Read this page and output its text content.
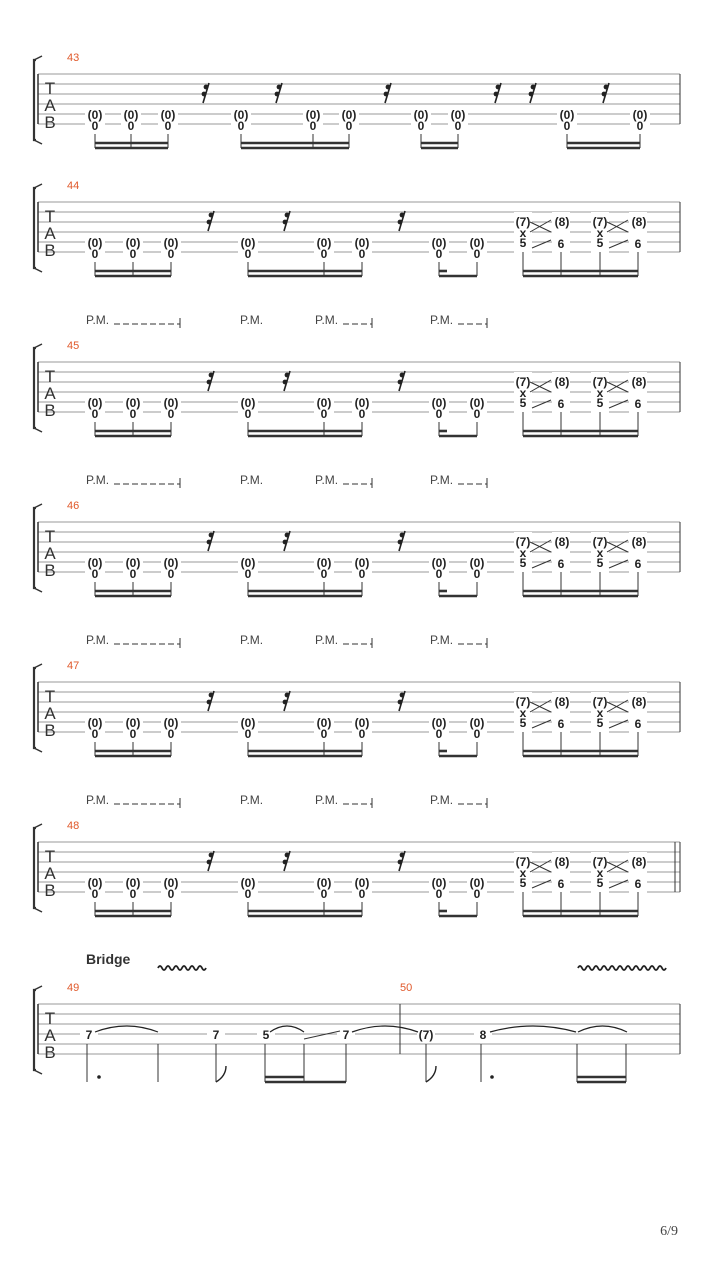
T
A
B
43
(0)
0
(0)
0
(0)
0
(0)
0
(0)
0
(0)
0
(0)
0
(0)
0
(0)
0
(0)
0
T
A
B
44
(0)
0
(0)
0
(0)
0
(0)
0
(0)
0
(0)
0
(0)
0
(0)
0
(7)
x
5
(8)
6
(7)
x
5
(8)
6
T
A
B
45
P.M.	P.M.	P.M.	P.M.
(0)
0
(0)
0
(0)
0
(0)
0
(0)
0
(0)
0
(0)
0
(0)
0
(7)
x
5
(8)
6
(7)
x
5
(8)
6
T
A
B
46
P.M.	P.M.	P.M.	P.M.
(0)
0
(0)
0
(0)
0
(0)
0
(0)
0
(0)
0
(0)
0
(0)
0
(7)
x
5
(8)
6
(7)
x
5
(8)
6
T
A
B
47
P.M.	P.M.	P.M.	P.M.
(0)
0
(0)
0
(0)
0
(0)
0
(0)
0
(0)
0
(0)
0
(0)
0
(7)
x
5
(8)
6
(7)
x
5
(8)
6
T
A
B
48
P.M.	P.M.	P.M.	P.M.
(0)
0
(0)
0
(0)
0
(0)
0
(0)
0
(0)
0
(0)
0
(0)
0
(7)
x
5
(8)
6
(7)
x
5
(8)
6
T
A
B
Bridge
49	50
7	7	5	7	(7)	8
6/9
